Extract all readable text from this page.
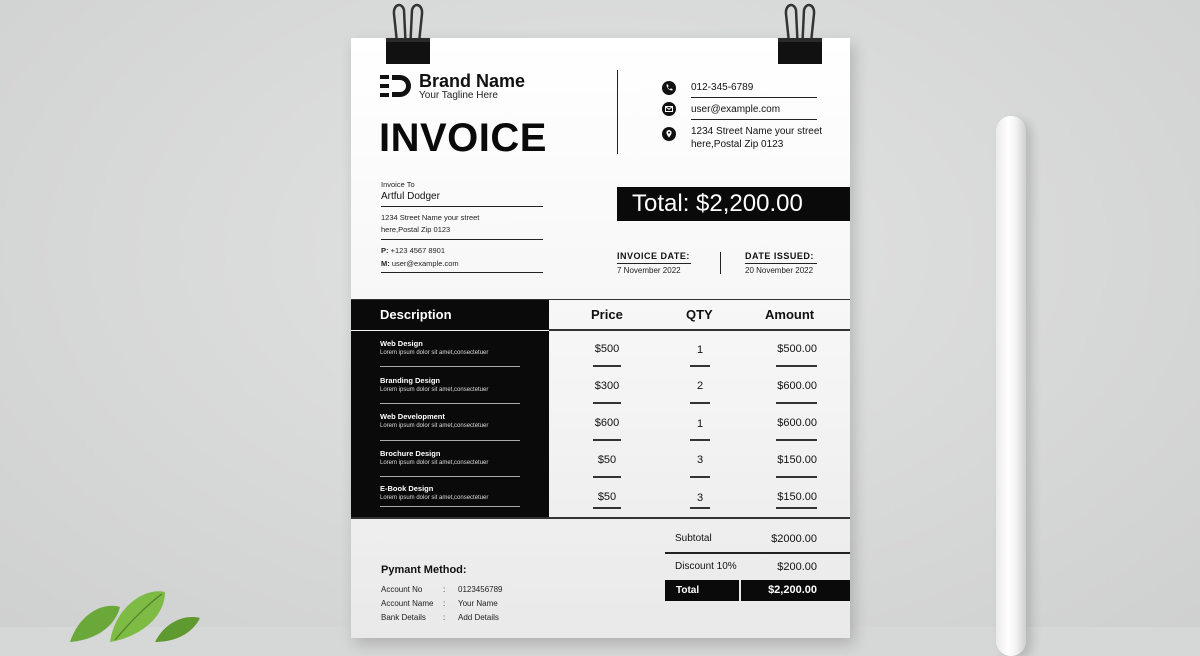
Brand Name
Your Tagline Here
INVOICE
012-345-6789
user@example.com
1234 Street Name your street
here,Postal Zip 0123
Invoice To
Artful Dodger
1234 Street Name your street
here,Postal Zip 0123
P: +123 4567 8901
M: user@example.com
Total: $2,200.00
INVOICE DATE:
7 November 2022
DATE ISSUED:
20 November 2022
Description	Price	QTY	Amount
Web Design
Lorem ipsum dolor sit amet,consectetuer	$500	1	$500.00
Branding Design
Lorem ipsum dolor sit amet,consectetuer	$300	2	$600.00
Web Development
Lorem ipsum dolor sit amet,consectetuer	$600	1	$600.00
Brochure Design
Lorem ipsum dolor sit amet,consectetuer	$50	3	$150.00
E-Book Design
Lorem ipsum dolor sit amet,consectetuer	$50	3	$150.00
Subtotal	$2000.00
Discount 10%	$200.00
Total	$2,200.00
Pymant Method:
Account No	: 0123456789
Account Name : Your Name
Bank Details : Add Details
